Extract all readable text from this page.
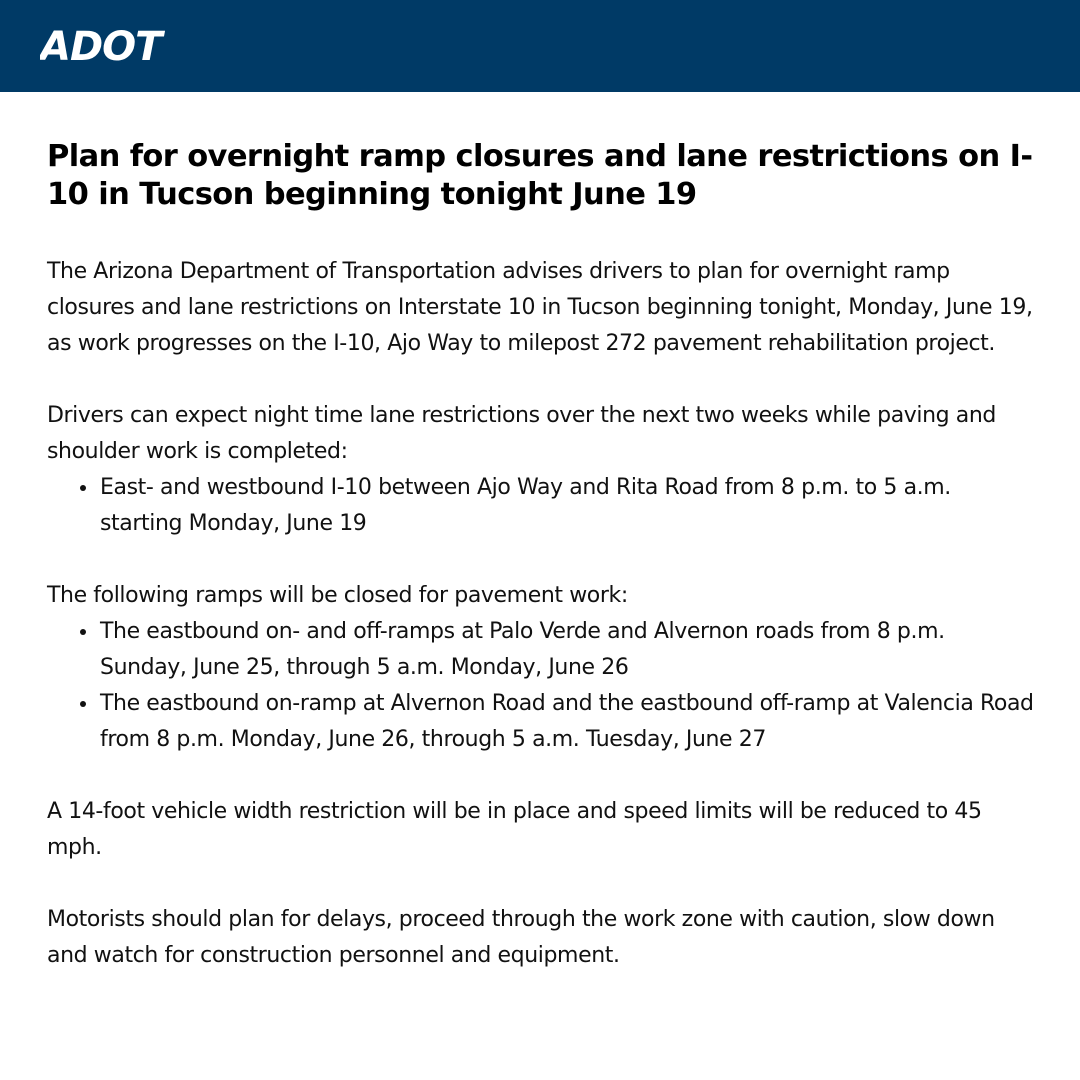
ADOT
Plan for overnight ramp closures and lane restrictions on I-10 in Tucson beginning tonight June 19

The Arizona Department of Transportation advises drivers to plan for overnight ramp closures and lane restrictions on Interstate 10 in Tucson beginning tonight, Monday, June 19, as work progresses on the I-10, Ajo Way to milepost 272 pavement rehabilitation project.

Drivers can expect night time lane restrictions over the next two weeks while paving and shoulder work is completed:

East- and westbound I-10 between Ajo Way and Rita Road from 8 p.m. to 5 a.m. starting Monday, June 19

The following ramps will be closed for pavement work:

The eastbound on- and off-ramps at Palo Verde and Alvernon roads from 8 p.m. Sunday, June 25, through 5 a.m. Monday, June 26
The eastbound on-ramp at Alvernon Road and the eastbound off-ramp at Valencia Road from 8 p.m. Monday, June 26, through 5 a.m. Tuesday, June 27

A 14-foot vehicle width restriction will be in place and speed limits will be reduced to 45 mph.

Motorists should plan for delays, proceed through the work zone with caution, slow down and watch for construction personnel and equipment.
